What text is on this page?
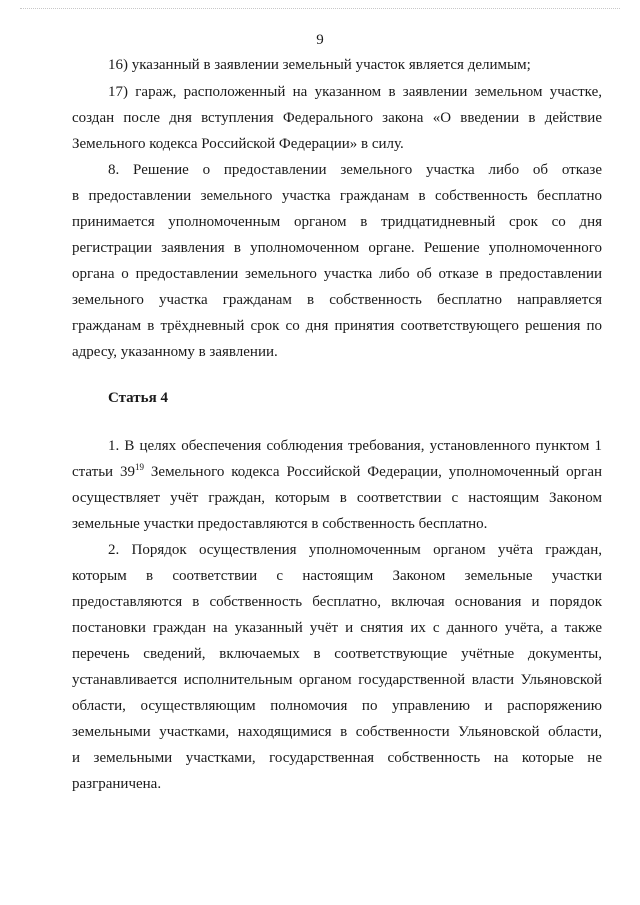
9
16) указанный в заявлении земельный участок является делимым;
17) гараж, расположенный на указанном в заявлении земельном участке,
создан после дня вступления Федерального закона «О введении в действие
Земельного кодекса Российской Федерации» в силу.
8. Решение о предоставлении земельного участка либо об отказе
в предоставлении земельного участка гражданам в собственность бесплатно
принимается уполномоченным органом в тридцатидневный срок со дня
регистрации заявления в уполномоченном органе. Решение уполномоченного
органа о предоставлении земельного участка либо об отказе в предоставлении
земельного участка гражданам в собственность бесплатно направляется
гражданам в трёхдневный срок со дня принятия соответствующего решения по
адресу, указанному в заявлении.
Статья 4
1. В целях обеспечения соблюдения требования, установленного пунктом 1
статьи $39^{19}$ Земельного кодекса Российской Федерации, уполномоченный орган
осуществляет учёт граждан, которым в соответствии с настоящим Законом
земельные участки предоставляются в собственность бесплатно.
2. Порядок осуществления уполномоченным органом учёта граждан,
которым в соответствии с настоящим Законом земельные участки
предоставляются в собственность бесплатно, включая основания и порядок
постановки граждан на указанный учёт и снятия их с данного учёта, а также
перечень сведений, включаемых в соответствующие учётные документы,
устанавливается исполнительным органом государственной власти Ульяновской
области, осуществляющим полномочия по управлению и распоряжению
земельными участками, находящимися в собственности Ульяновской области,
и земельными участками, государственная собственность на которые не
разграничена.
